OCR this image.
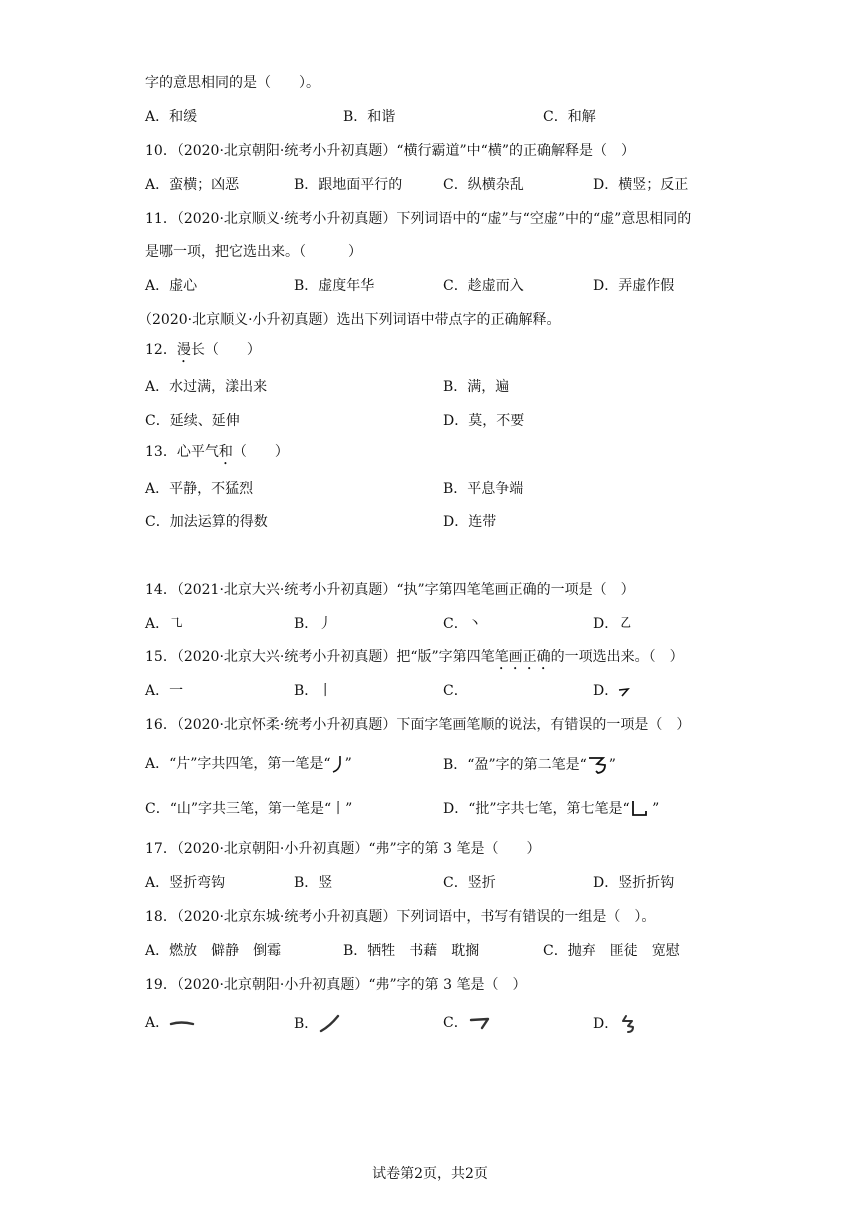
字的意思相同的是（　　）。
A．和缓	B．和谐	C．和解
10．（2020·北京朝阳·统考小升初真题）“横行霸道”中“横”的正确解释是（　）
A．蛮横；凶恶	B．跟地面平行的	C．纵横杂乱	D．横竖；反正
11．（2020·北京顺义·统考小升初真题）下列词语中的“虚”与“空虚”中的“虚”意思相同的
是哪一项，把它选出来。（　　　）
A．虚心	B．虚度年华	C．趁虚而入	D．弄虚作假
（2020·北京顺义·小升初真题）选出下列词语中带点字的正确解释。
12．漫长（　　）
A．水过满，漾出来	B．满，遍
C．延续、延伸	D．莫，不要
13．心平气和（　　）
A．平静，不猛烈	B．平息争端
C．加法运算的得数	D．连带
14．（2021·北京大兴·统考小升初真题）“执”字第四笔笔画正确的一项是（　）
A．㇈	B．丿	C．丶	D．㇠
15．（2020·北京大兴·统考小升初真题）把“版”字第四笔笔画正确的一项选出来。（　）
A．一	B．丨	C．	D．
16．（2020·北京怀柔·统考小升初真题）下面字笔画笔顺的说法，有错误的一项是（　）
A．“片”字共四笔，第一笔是“ ”	B．“盈”字的第二笔是“ ”
C．“山”字共三笔，第一笔是“丨”	D．“批”字共七笔，第七笔是“ ”
17．（2020·北京朝阳·小升初真题）“弗”字的第 3 笔是（　　）
A．竖折弯钩	B．竖	C．竖折	D．竖折折钩
18．（2020·北京东城·统考小升初真题）下列词语中，书写有错误的一组是（　）。
A．燃放　僻静　倒霉	B．牺牲　书藉　耽搁	C．抛弃　匪徒　宽慰
19．（2020·北京朝阳·小升初真题）“弗”字的第 3 笔是（　）
A．	B．	C．	D．
试卷第2页，共2页
